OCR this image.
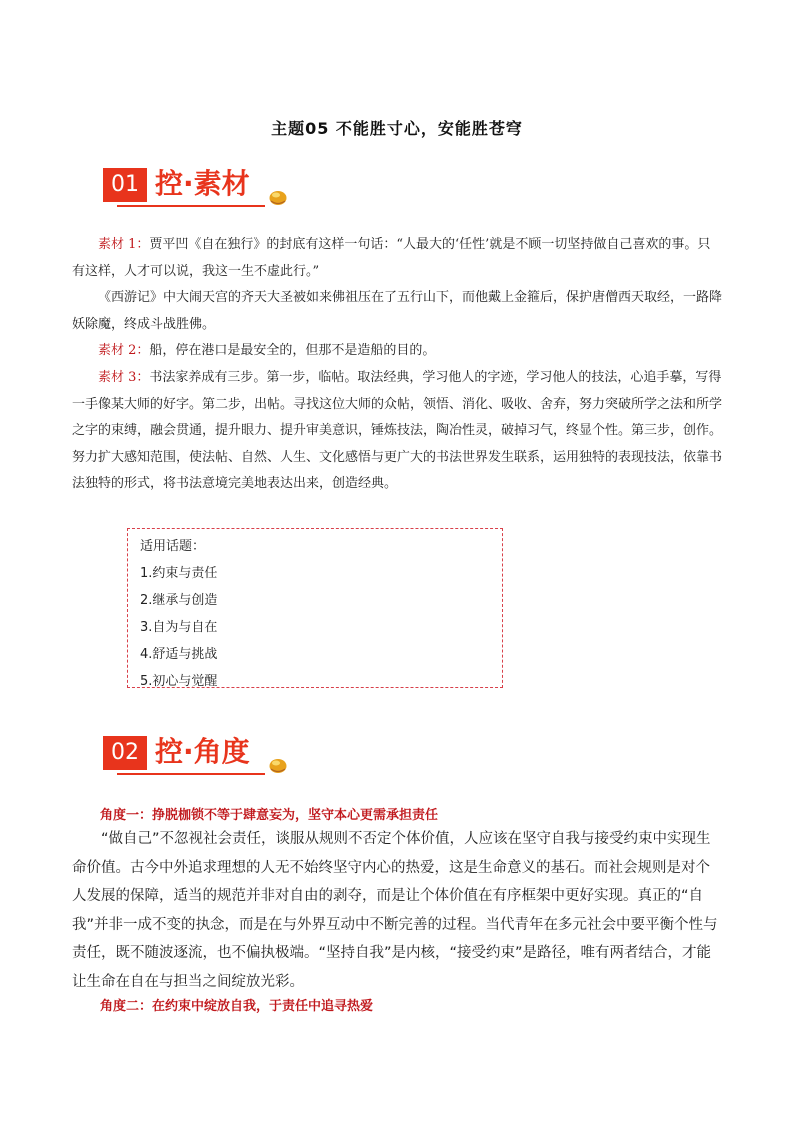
主题05 不能胜寸心，安能胜苍穹
01 控·素材
素材 1：贾平凹《自在独行》的封底有这样一句话：“人最大的‘任性’就是不顾一切坚持做自己喜欢的事。只有这样，人才可以说，我这一生不虚此行。”
《西游记》中大闹天宫的齐天大圣被如来佛祖压在了五行山下，而他戴上金箍后，保护唐僧西天取经，一路降妖除魔，终成斗战胜佛。
素材 2：船，停在港口是最安全的，但那不是造船的目的。
素材 3：书法家养成有三步。第一步，临帖。取法经典，学习他人的字迹，学习他人的技法，心追手摹，写得一手像某大师的好字。第二步，出帖。寻找这位大师的众帖，领悟、消化、吸收、舍弃，努力突破所学之法和所学之字的束缚，融会贯通，提升眼力、提升审美意识，锤炼技法，陶冶性灵，破掉习气，终显个性。第三步，创作。努力扩大感知范围，使法帖、自然、人生、文化感悟与更广大的书法世界发生联系，运用独特的表现技法，依靠书法独特的形式，将书法意境完美地表达出来，创造经典。
适用话题：
1.约束与责任
2.继承与创造
3.自为与自在
4.舒适与挑战
5.初心与觉醒
02 控·角度
角度一：挣脱枷锁不等于肆意妄为，坚守本心更需承担责任
“做自己”不忽视社会责任，谈服从规则不否定个体价值，人应该在坚守自我与接受约束中实现生命价值。古今中外追求理想的人无不始终坚守内心的热爱，这是生命意义的基石。而社会规则是对个人发展的保障，适当的规范并非对自由的剥夺，而是让个体价值在有序框架中更好实现。真正的“自我”并非一成不变的执念，而是在与外界互动中不断完善的过程。当代青年在多元社会中要平衡个性与责任，既不随波逐流，也不偏执极端。“坚持自我”是内核，“接受约束”是路径，唯有两者结合，才能让生命在自在与担当之间绽放光彩。
角度二：在约束中绽放自我，于责任中追寻热爱
